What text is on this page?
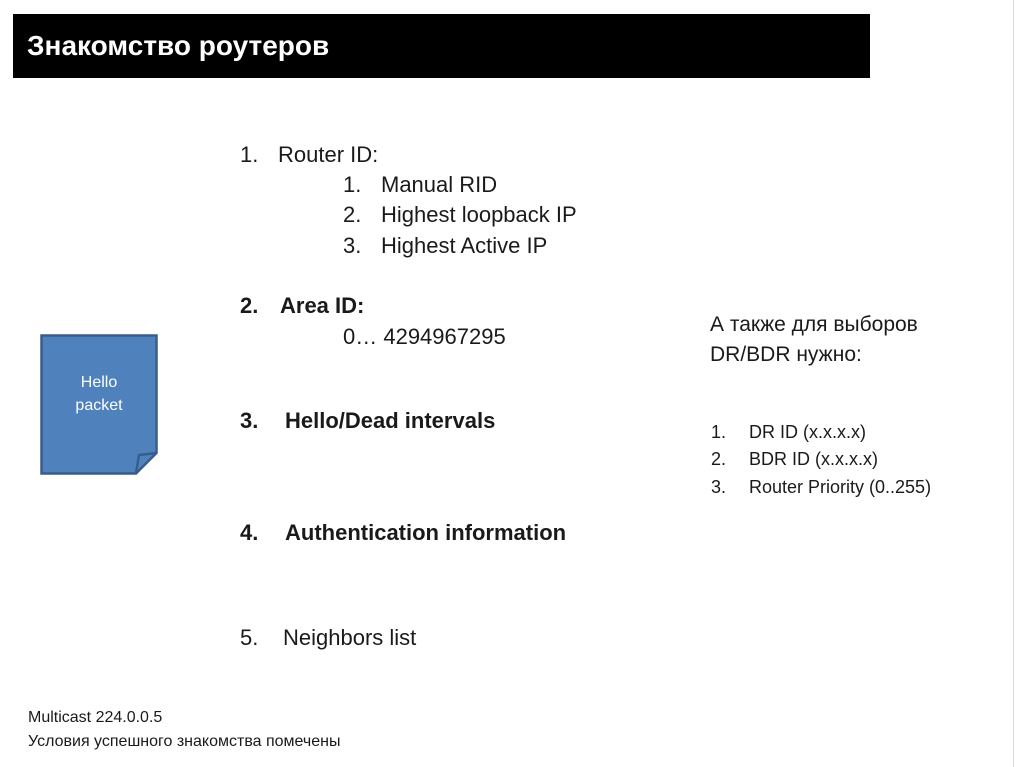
Знакомство роутеров
1. Router ID:
1. Manual RID
2. Highest loopback IP
3. Highest Active IP
2. Area ID:
0… 4294967295
3. Hello/Dead intervals
4. Authentication information
5. Neighbors list
Hello
packet
А также для выборов
DR/BDR нужно:
1. DR ID (x.x.x.x)
2. BDR ID (x.x.x.x)
3. Router Priority (0..255)
Multicast 224.0.0.5
Условия успешного знакомства помечены
